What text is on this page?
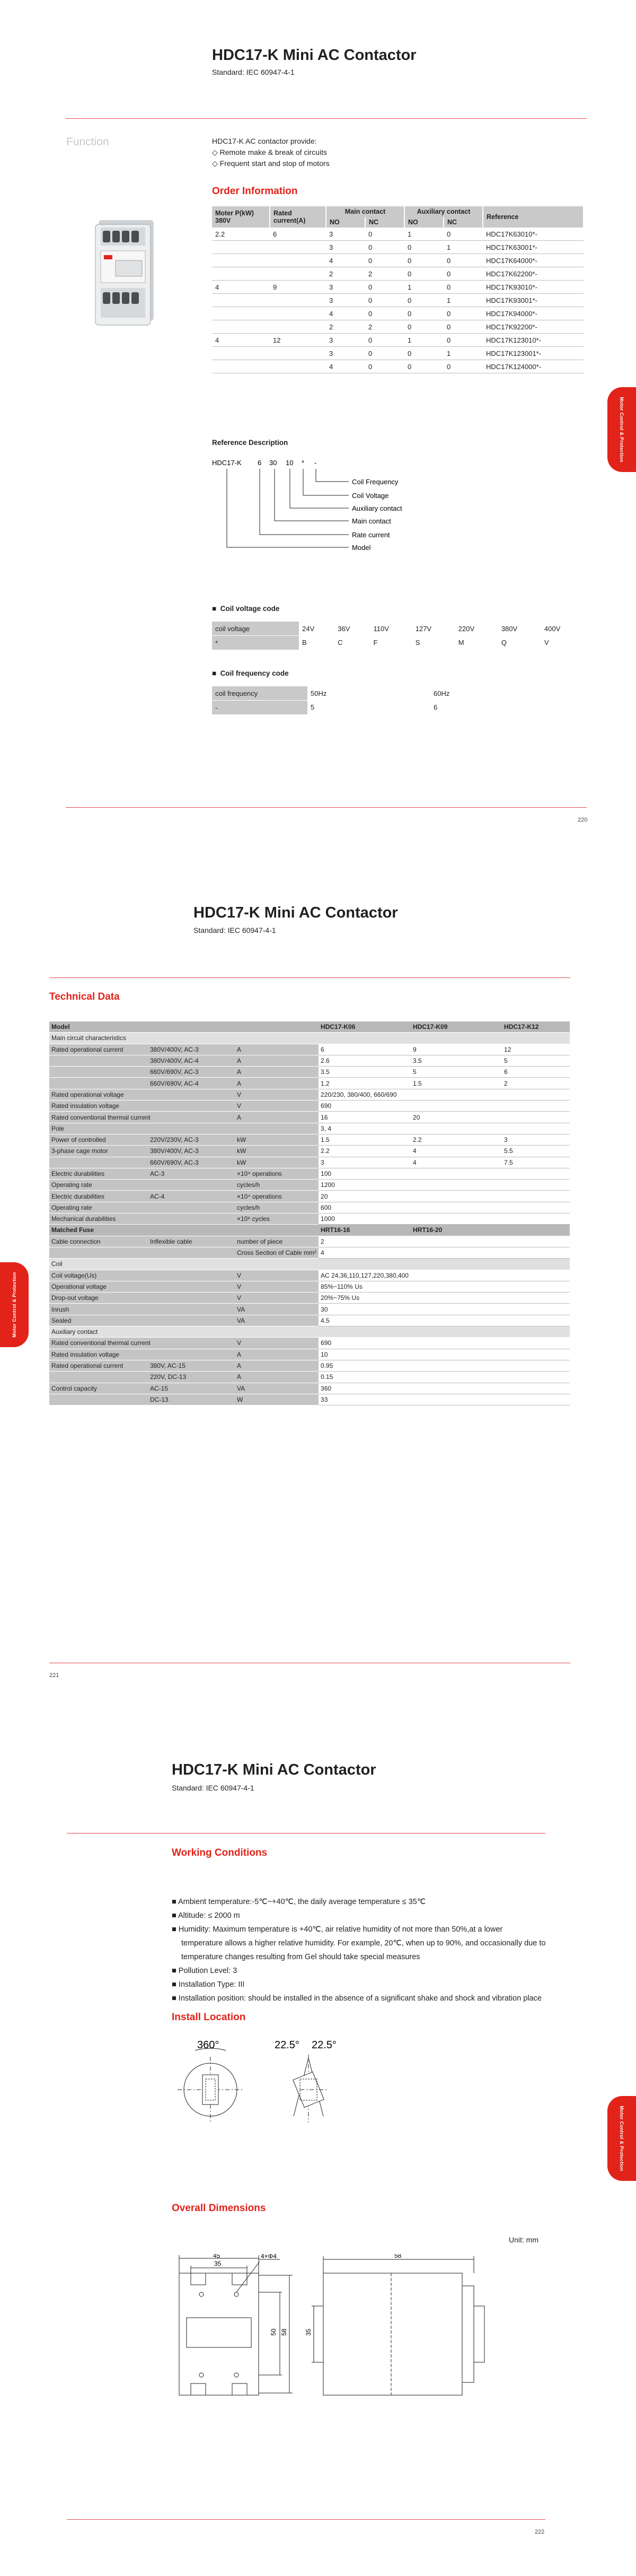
HDC17-K Mini AC Contactor
Standard: IEC 60947-4-1
Function	HDC17-K AC contactor provide:
◇ Remote make & break of circuits
◇ Frequent start and stop of motors
Order Information
Moter P(kW) 380V	Rated current(A)	Main contact		Auxiliary contact		Reference
		NO	NC	NO	NC	
2.2	6	3	0	1	0	HDC17K63010*-
		3	0	0	1	HDC17K63001*-
		4	0	0	0	HDC17K64000*-
		2	2	0	0	HDC17K62200*-
4	9	3	0	1	0	HDC17K93010*-
		3	0	0	1	HDC17K93001*-
		4	0	0	0	HDC17K94000*-
		2	2	0	0	HDC17K92200*-
4	12	3	0	1	0	HDC17K123010*-
		3	0	0	1	HDC17K123001*-
		4	0	0	0	HDC17K124000*-
Reference Description
HDC17-K 6 30 10 * -
Coil Frequency
Coil Voltage
Auxiliary contact
Main contact
Rate current
Model
■  Coil voltage code
coil voltage	24V	36V	110V	127V	220V	380V	400V
*	B	C	F	S	M	Q	V
■  Coil frequency code
coil frequency	50Hz	60Hz
-	5	6
Motor Control & Protection
220
HDC17-K Mini AC Contactor
Standard: IEC 60947-4-1
Technical Data
Model			HDC17-K06	HDC17-K09	HDC17-K12
Main circuit characteristics					
Rated operational current	380V/400V, AC-3	A	6	9	12
	380V/400V, AC-4	A	2.6	3.5	5
	660V/690V, AC-3	A	3.5	5	6
	660V/690V, AC-4	A	1.2	1.5	2
Rated operational voltage		V	220/230, 380/400, 660/690		
Rated insulation voltage		V	690		
Rated conventional thermal current		A	16	20	
Pole			3, 4		
Power of controlled	220V/230V, AC-3	kW	1.5	2.2	3
3-phase cage motor	380V/400V, AC-3	kW	2.2	4	5.5
	660V/690V, AC-3	kW	3	4	7.5
Electric durabilities	AC-3	×10⁴ operations	100		
Operating rate		cycles/h	1200		
Electric durabilities	AC-4	×10⁴ operations	20		
Operating rate		cycles/h	600		
Mechanical durabilities		×10⁶ cycles	1000		
Matched Fuse			HRT16-16	HRT16-20	
Cable connection	Inflexible cable	number of piece	2		
		Cross Section of Cable mm²	4		
Coil					
Coil voltage(Us)		V	AC 24,36,110,127,220,380,400		
Operational voltage		V	85%~110% Us		
Drop-out voltage		V	20%~75% Us		
Inrush		VA	30		
Sealed		VA	4.5		
Auxiliary contact					
Rated conventional thermal current		V	690		
Rated insulation voltage		A	10		
Rated operational current	380V, AC-15	A	0.95		
	220V, DC-13	A	0.15		
Control capacity	AC-15	VA	360		
	DC-13	W	33		
Motor Control & Protection
221
HDC17-K Mini AC Contactor
Standard: IEC 60947-4-1
Working Conditions
■ Ambient temperature:-5℃~+40℃, the daily average temperature ≤ 35℃
■ Altitude: ≤ 2000 m
■ Humidity: Maximum temperature is +40℃, air relative humidity of not more than 50%,at a lower temperature allows a higher relative humidity. For example, 20℃, when up to 90%, and occasionally due to temperature changes resulting from Gel should take special measures
■ Pollution Level: 3
■ Installation Type: III
■ Installation position: should be installed in the absence of a significant shake and shock and vibration place
Install Location
360°	22.5° 22.5°
Overall Dimensions
Unit: mm
45
35
4×Φ4
50 58	35
58
Motor Control & Protection
222
